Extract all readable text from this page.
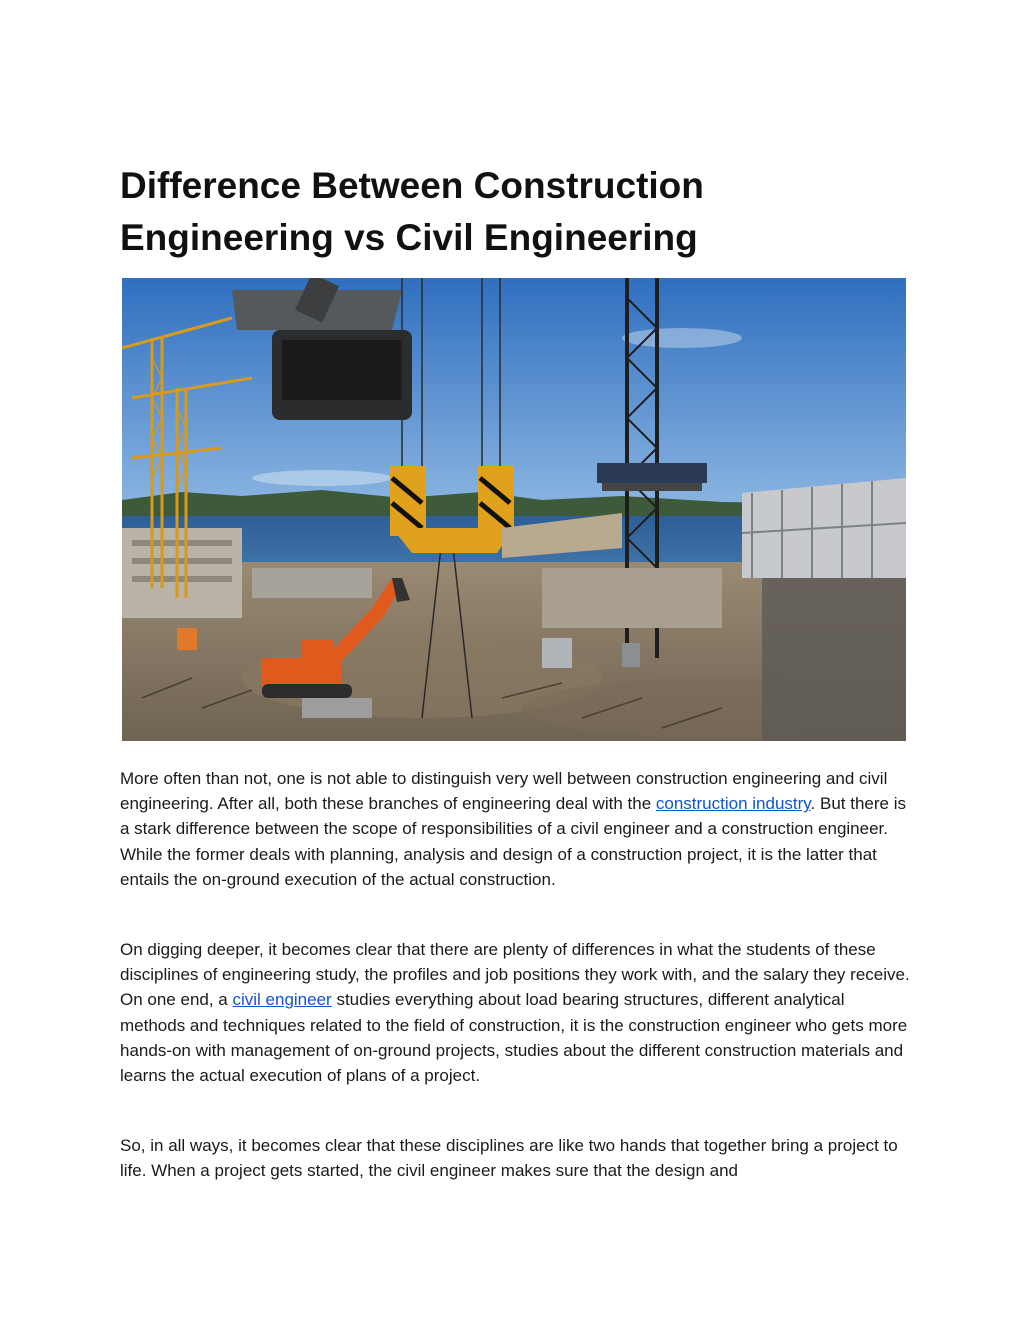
Difference Between Construction Engineering vs Civil Engineering

More often than not, one is not able to distinguish very well between construction engineering and civil engineering. After all, both these branches of engineering deal with the construction industry. But there is a stark difference between the scope of responsibilities of a civil engineer and a construction engineer. While the former deals with planning, analysis and design of a construction project, it is the latter that entails the on-ground execution of the actual construction.

On digging deeper, it becomes clear that there are plenty of differences in what the students of these disciplines of engineering study, the profiles and job positions they work with, and the salary they receive. On one end, a civil engineer studies everything about load bearing structures, different analytical methods and techniques related to the field of construction, it is the construction engineer who gets more hands-on with management of on-ground projects, studies about the different construction materials and learns the actual execution of plans of a project.

So, in all ways, it becomes clear that these disciplines are like two hands that together bring a project to life. When a project gets started, the civil engineer makes sure that the design and
